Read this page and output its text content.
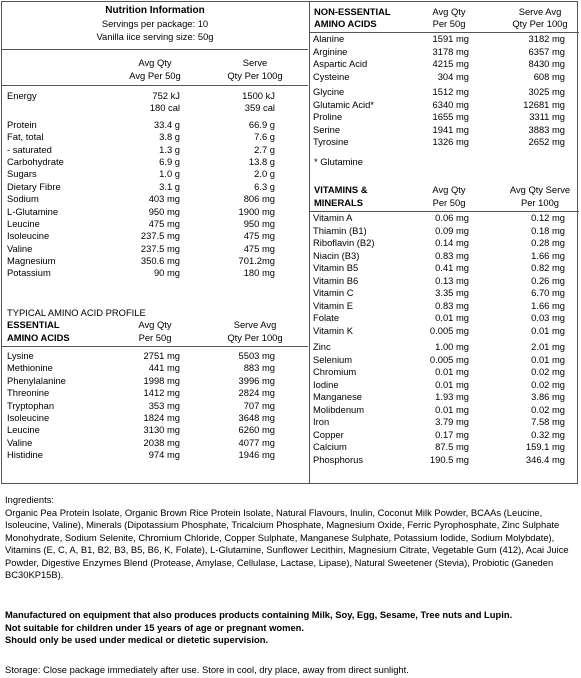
Nutrition Information
Servings per package: 10
Vanilla iice serving size: 50g
Avg Qty
Avg Per 50g
Serve
Qty Per 100g
Energy	752 kJ	1500 kJ
180 cal	359 cal
Protein	33.4 g	66.9 g
Fat, total	3.8 g	7.6 g
- saturated	1.3 g	2.7 g
Carbohydrate	6.9 g	13.8 g
Sugars	1.0 g	2.0 g
Dietary Fibre	3.1 g	6.3 g
Sodium	403 mg	806 mg
L-Glutamine	950 mg	1900 mg
Leucine	475 mg	950 mg
Isoleucine	237.5 mg	475 mg
Valine	237.5 mg	475 mg
Magnesium	350.6 mg	701.2mg
Potassium	90 mg	180 mg
TYPICAL AMINO ACID PROFILE
ESSENTIAL
AMINO ACIDS
Avg Qty
Per 50g
Serve Avg
Qty Per 100g
Lysine	2751 mg	5503 mg
Methionine	441 mg	883 mg
Phenylalanine	1998 mg	3996 mg
Threonine	1412 mg	2824 mg
Tryptophan	353 mg	707 mg
Isoleucine	1824 mg	3648 mg
Leucine	3130 mg	6260 mg
Valine	2038 mg	4077 mg
Histidine	974 mg	1946 mg
NON-ESSENTIAL
AMINO ACIDS
Avg Qty
Per 50g
Serve Avg
Qty Per 100g
Alanine	1591 mg	3182 mg
Arginine	3178 mg	6357 mg
Aspartic Acid	4215 mg	8430 mg
Cysteine	304 mg	608 mg
Glycine	1512 mg	3025 mg
Glutamic Acid*	6340 mg	12681 mg
Proline	1655 mg	3311 mg
Serine	1941 mg	3883 mg
Tyrosine	1326 mg	2652 mg
* Glutamine
VITAMINS &
MINERALS
Avg Qty
Per 50g
Avg Qty Serve
Per 100g
Vitamin A	0.06 mg	0.12 mg
Thiamin (B1)	0.09 mg	0.18 mg
Riboflavin (B2)	0.14 mg	0.28 mg
Niacin (B3)	0.83 mg	1.66 mg
Vitamin B5	0.41 mg	0.82 mg
Vitamin B6	0.13 mg	0.26 mg
Vitamin C	3.35 mg	6.70 mg
Vitamin E	0.83 mg	1.66 mg
Folate	0.01 mg	0.03 mg
Vitamin K	0.005 mg	0.01 mg
Zinc	1.00 mg	2.01 mg
Selenium	0.005 mg	0.01 mg
Chromium	0.01 mg	0.02 mg
Iodine	0.01 mg	0.02 mg
Manganese	1.93 mg	3.86 mg
Molibdenum	0.01 mg	0.02 mg
Iron	3.79 mg	7.58 mg
Copper	0.17 mg	0.32 mg
Calcium	87.5 mg	159.1 mg
Phosphorus	190.5 mg	346.4 mg

Ingredients:

Organic Pea Protein Isolate, Organic Brown Rice Protein Isolate, Natural Flavours, Inulin, Coconut Milk Powder, BCAAs (Leucine, Isoleucine, Valine), Minerals (Dipotassium Phosphate, Tricalcium Phosphate, Magnesium Oxide, Ferric Pyrophosphate, Zinc Sulphate Monohydrate, Sodium Selenite, Chromium Chloride, Copper Sulphate, Manganese Sulphate, Potassium Iodide, Sodium Molybdate), Vitamins (E, C, A, B1, B2, B3, B5, B6, K, Folate), L-Glutamine, Sunflower Lecithin, Magnesium Citrate, Vegetable Gum (412), Acai Juice Powder, Digestive Enzymes Blend (Protease, Amylase, Cellulase, Lactase, Lipase), Natural Sweetener (Stevia), Probiotic (Ganeden BC30KP15B).

Manufactured on equipment that also produces products containing Milk, Soy, Egg, Sesame, Tree nuts and Lupin.

Not suitable for children under 15 years of age or pregnant women.

Should only be used under medical or dietetic supervision.

Storage: Close package immediately after use. Store in cool, dry place, away from direct sunlight.
